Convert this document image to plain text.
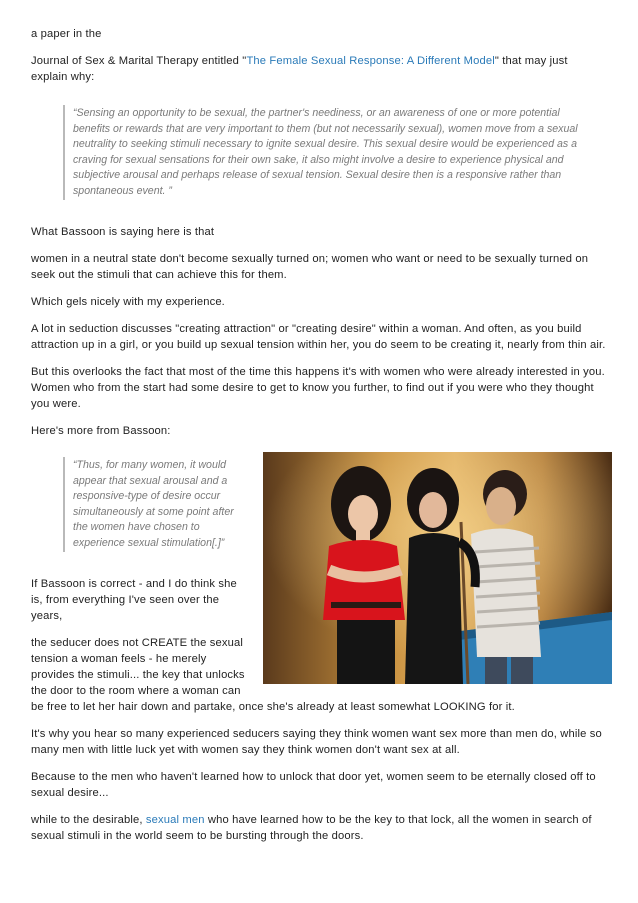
a paper in the

Journal of Sex & Marital Therapy entitled "The Female Sexual Response: A Different Model" that may just explain why:

“Sensing an opportunity to be sexual, the partner's neediness, or an awareness of one or more potential benefits or rewards that are very important to them (but not necessarily sexual), women move from a sexual neutrality to seeking stimuli necessary to ignite sexual desire. This sexual desire would be experienced as a craving for sexual sensations for their own sake, it also might involve a desire to experience physical and subjective arousal and perhaps release of sexual tension. Sexual desire then is a responsive rather than spontaneous event. ”

What Bassoon is saying here is that

women in a neutral state don't become sexually turned on; women who want or need to be sexually turned on seek out the stimuli that can achieve this for them.

Which gels nicely with my experience.

A lot in seduction discusses "creating attraction" or "creating desire" within a woman. And often, as you build attraction up in a girl, or you build up sexual tension within her, you do seem to be creating it, nearly from thin air.

But this overlooks the fact that most of the time this happens it's with women who were already interested in you. Women who from the start had some desire to get to know you further, to find out if you were who they thought you were.

Here's more from Bassoon:

“Thus, for many women, it would appear that sexual arousal and a responsive-type of desire occur simultaneously at some point after the women have chosen to experience sexual stimulation[.]”

If Bassoon is correct - and I do think she is, from everything I've seen over the years,

the seducer does not CREATE the sexual tension a woman feels - he merely provides the stimuli... the key that unlocks the door to the room where a woman can be free to let her hair down and partake, once she's already at least somewhat LOOKING for it.

It's why you hear so many experienced seducers saying they think women want sex more than men do, while so many men with little luck yet with women say they think women don't want sex at all.

Because to the men who haven't learned how to unlock that door yet, women seem to be eternally closed off to sexual desire...

while to the desirable, sexual men who have learned how to be the key to that lock, all the women in search of sexual stimuli in the world seem to be bursting through the doors.
